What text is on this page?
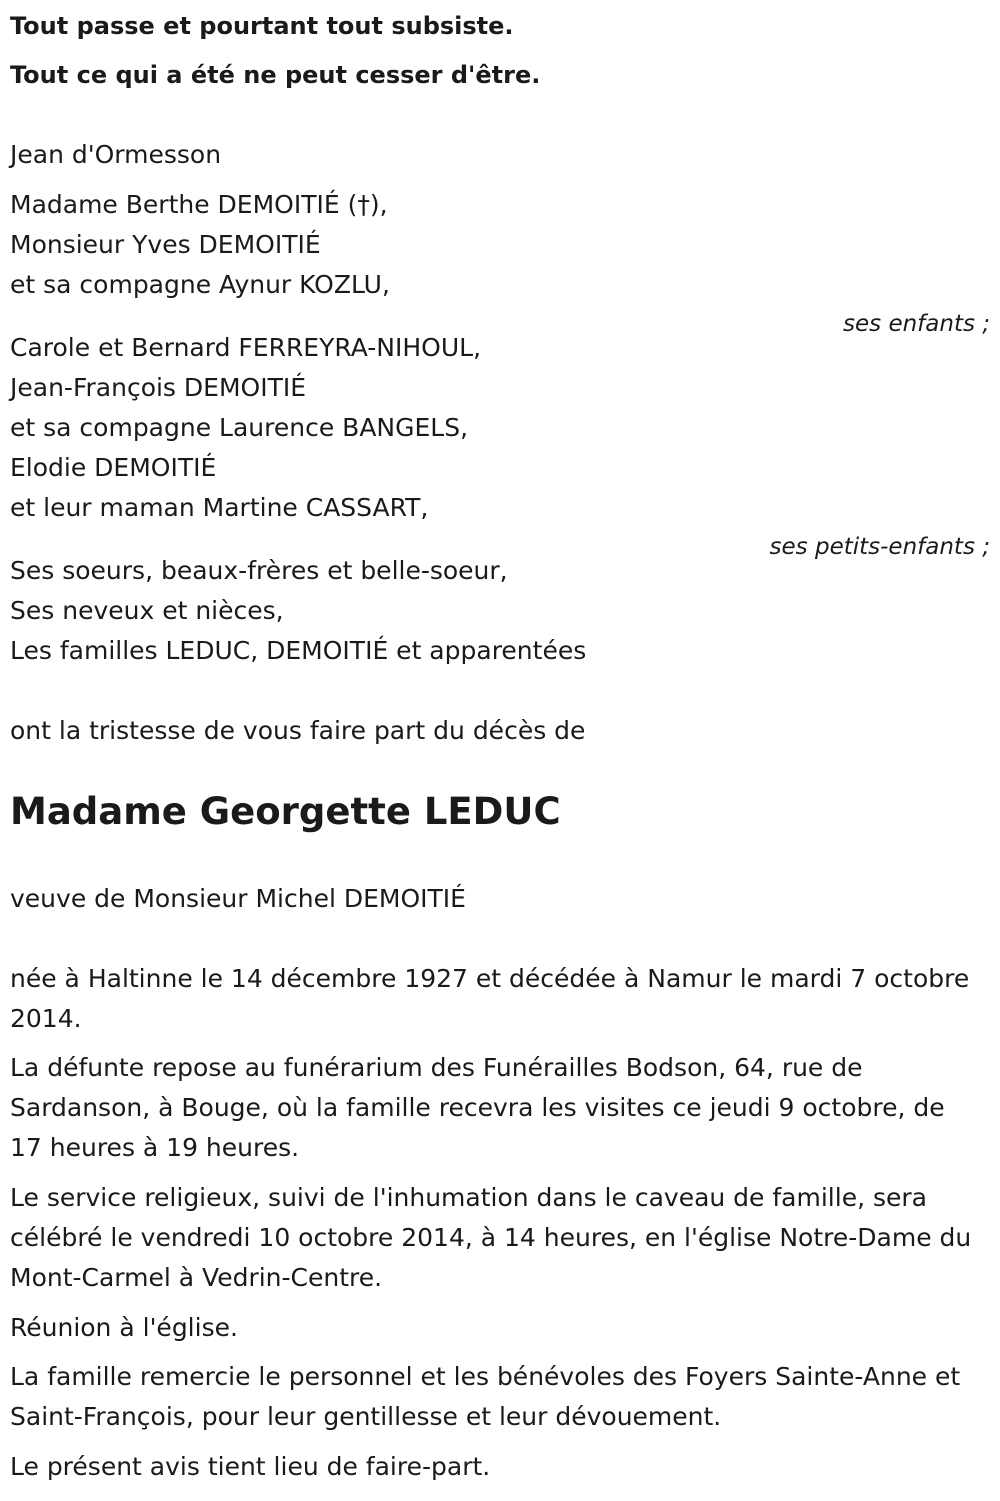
Tout passe et pourtant tout subsiste.
Tout ce qui a été ne peut cesser d'être.
Jean d'Ormesson
Madame Berthe DEMOITIÉ (†),
Monsieur Yves DEMOITIÉ
et sa compagne Aynur KOZLU,
ses enfants ;
Carole et Bernard FERREYRA-NIHOUL,
Jean-François DEMOITIÉ
et sa compagne Laurence BANGELS,
Elodie DEMOITIÉ
et leur maman Martine CASSART,
ses petits-enfants ;
Ses soeurs, beaux-frères et belle-soeur,
Ses neveux et nièces,
Les familles LEDUC, DEMOITIÉ et apparentées
ont la tristesse de vous faire part du décès de
Madame Georgette LEDUC
veuve de Monsieur Michel DEMOITIÉ
née à Haltinne le 14 décembre 1927 et décédée à Namur le mardi 7 octobre 2014.
La défunte repose au funérarium des Funérailles Bodson, 64, rue de Sardanson, à Bouge, où la famille recevra les visites ce jeudi 9 octobre, de 17 heures à 19 heures.
Le service religieux, suivi de l'inhumation dans le caveau de famille, sera célébré le vendredi 10 octobre 2014, à 14 heures, en l'église Notre-Dame du Mont-Carmel à Vedrin-Centre.
Réunion à l'église.
La famille remercie le personnel et les bénévoles des Foyers Sainte-Anne et Saint-François, pour leur gentillesse et leur dévouement.
Le présent avis tient lieu de faire-part.
